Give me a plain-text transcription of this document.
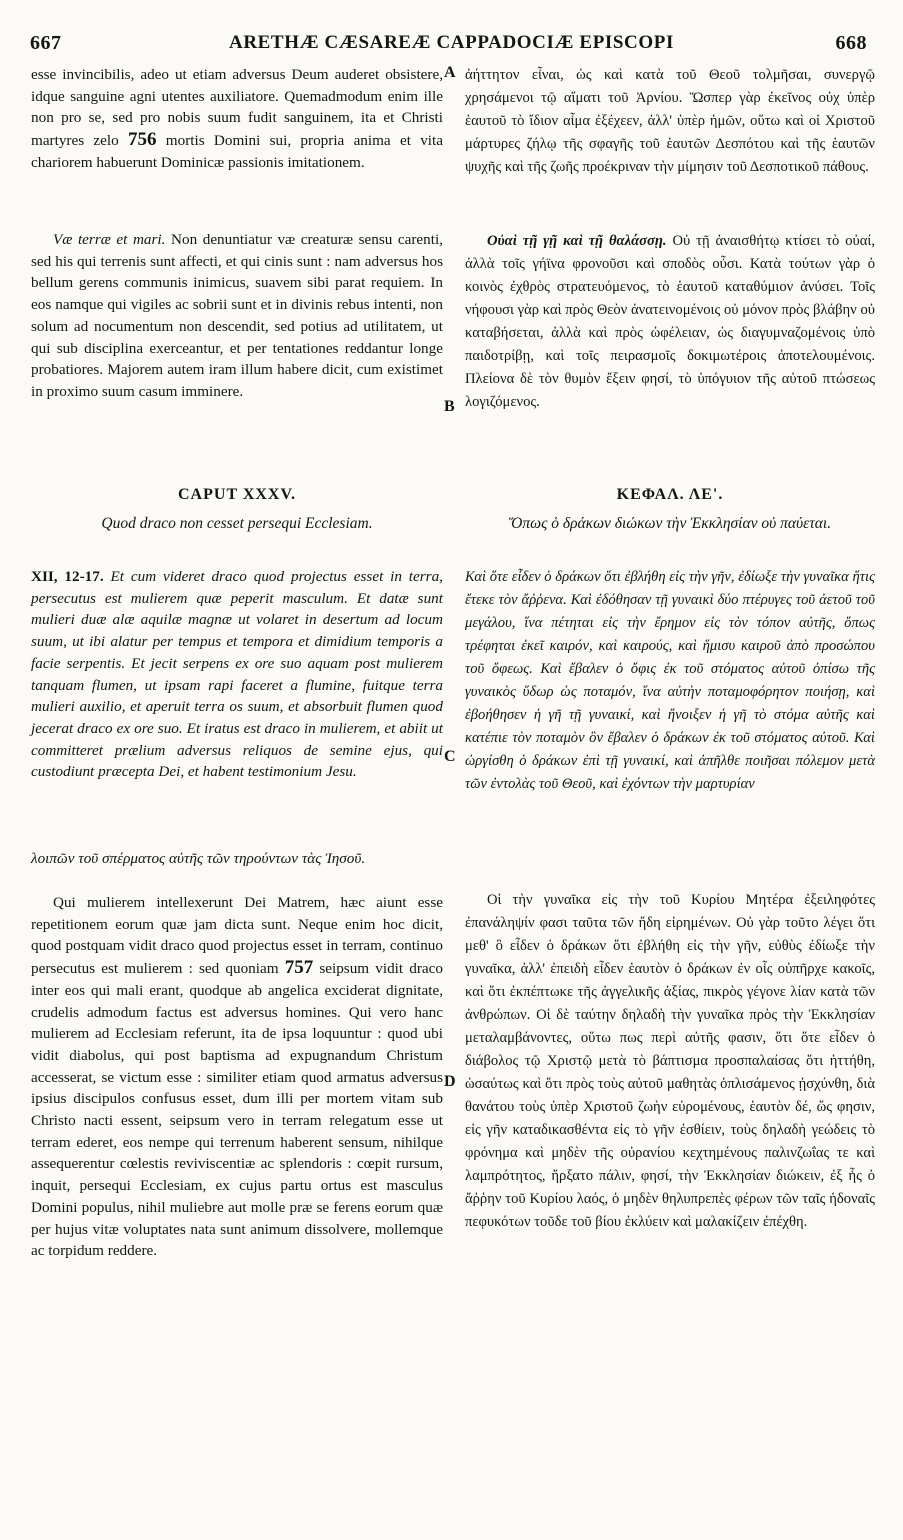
667	ARETHÆ CÆSAREÆ CAPPADOCIÆ EPISCOPI	668
A
B
C
D

esse invincibilis, adeo ut etiam adversus Deum auderet obsistere, idque sanguine agni utentes auxiliatore. Quemadmodum enim ille non pro se, sed pro nobis suum fudit sanguinem, ita et Christi martyres zelo 756 mortis Domini sui, propria anima et vita chariorem habuerunt Dominicæ passionis imitationem.

Væ terræ et mari. Non denuntiatur væ creaturæ sensu carenti, sed his qui terrenis sunt affecti, et qui cinis sunt : nam adversus hos bellum gerens communis inimicus, suavem sibi parat requiem. In eos namque qui vigiles ac sobrii sunt et in divinis rebus intenti, non solum ad nocumentum non descendit, sed potius ad utilitatem, ut qui sub disciplina exerceantur, et per tentationes reddantur longe probatiores. Majorem autem iram illum habere dicit, cum existimet in proximo suum casum imminere.

CAPUT XXXV.

Quod draco non cesset persequi Ecclesiam.

XII, 12-17. Et cum videret draco quod projectus esset in terra, persecutus est mulierem quæ peperit masculum. Et datæ sunt mulieri duæ alæ aquilæ magnæ ut volaret in desertum ad locum suum, ut ibi alatur per tempus et tempora et dimidium temporis a facie serpentis. Et jecit serpens ex ore suo aquam post mulierem tanquam flumen, ut ipsam rapi faceret a flumine, fuitque terra mulieri auxilio, et aperuit terra os suum, et absorbuit flumen quod jecerat draco ex ore suo. Et iratus est draco in mulierem, et abiit ut committeret prælium adversus reliquos de semine ejus, qui custodiunt præcepta Dei, et habent testimonium Jesu.

λοιπῶν τοῦ σπέρματος αὐτῆς τῶν τηρούντων τὰς Ἰησοῦ.

Qui mulierem intellexerunt Dei Matrem, hæc aiunt esse repetitionem eorum quæ jam dicta sunt. Neque enim hoc dicit, quod postquam vidit draco quod projectus esset in terram, continuo persecutus est mulierem : sed quoniam 757 seipsum vidit draco inter eos qui mali erant, quodque ab angelica exciderat dignitate, crudelis admodum factus est adversus homines. Qui vero hanc mulierem ad Ecclesiam referunt, ita de ipsa loquuntur : quod ubi vidit diabolus, qui post baptisma ad expugnandum Christum accesserat, se victum esse : similiter etiam quod armatus adversus ipsius discipulos confusus esset, dum illi per mortem vitam sub Christo nacti essent, seipsum vero in terram relegatum esse ut terram ederet, eos nempe qui terrenum haberent sensum, nihilque assequerentur cœlestis reviviscentiæ ac splendoris : cœpit rursum, inquit, persequi Ecclesiam, ex cujus partu ortus est masculus Domini populus, nihil muliebre aut molle præ se ferens eorum quæ per hujus vitæ voluptates nata sunt animum dissolvere, mollemque ac torpidum reddere.

ἀήττητον εἶναι, ὡς καὶ κατὰ τοῦ Θεοῦ τολμῆσαι, συνεργῷ χρησάμενοι τῷ αἵματι τοῦ Ἀρνίου. Ὥσπερ γὰρ ἐκεῖνος οὐχ ὑπὲρ ἑαυτοῦ τὸ ἴδιον αἷμα ἐξέχεεν, ἀλλ' ὑπὲρ ἡμῶν, οὕτω καὶ οἱ Χριστοῦ μάρτυρες ζήλῳ τῆς σφαγῆς τοῦ ἑαυτῶν Δεσπότου καὶ τῆς ἑαυτῶν ψυχῆς καὶ τῆς ζωῆς προέκριναν τὴν μίμησιν τοῦ Δεσποτικοῦ πάθους.

Οὐαὶ τῇ γῇ καὶ τῇ θαλάσσῃ. Οὐ τῇ ἀναισθήτῳ κτίσει τὸ οὐαί, ἀλλὰ τοῖς γήϊνα φρονοῦσι καὶ σποδὸς οὖσι. Κατὰ τούτων γὰρ ὁ κοινὸς ἐχθρὸς στρατευόμενος, τὸ ἑαυτοῦ καταθύμιον ἀνύσει. Τοῖς νήφουσι γὰρ καὶ πρὸς Θεὸν ἀνατεινομένοις οὐ μόνον πρὸς βλάβην οὐ καταβήσεται, ἀλλὰ καὶ πρὸς ὠφέλειαν, ὡς διαγυμναζομένοις ὑπὸ παιδοτρίβῃ, καὶ τοῖς πειρασμοῖς δοκιμωτέροις ἀποτελουμένοις. Πλείονα δὲ τὸν θυμὸν ἔξειν φησί, τὸ ὑπόγυιον τῆς αὐτοῦ πτώσεως λογιζόμενος.

ΚΕΦΑΛ. ΛΕ'.

Ὅπως ὁ δράκων διώκων τὴν Ἐκκλησίαν οὐ παύεται.

Καὶ ὅτε εἶδεν ὁ δράκων ὅτι ἐβλήθη εἰς τὴν γῆν, ἐδίωξε τὴν γυναῖκα ἥτις ἔτεκε τὸν ἄῤῥενα. Καὶ ἐδόθησαν τῇ γυναικὶ δύο πτέρυγες τοῦ ἀετοῦ τοῦ μεγάλου, ἵνα πέτηται εἰς τὴν ἔρημον εἰς τὸν τόπον αὐτῆς, ὅπως τρέφηται ἐκεῖ καιρόν, καὶ καιρούς, καὶ ἥμισυ καιροῦ ἀπὸ προσώπου τοῦ ὄφεως. Καὶ ἔβαλεν ὁ ὄφις ἐκ τοῦ στόματος αὐτοῦ ὀπίσω τῆς γυναικὸς ὕδωρ ὡς ποταμόν, ἵνα αὐτὴν ποταμοφόρητον ποιήσῃ, καὶ ἐβοήθησεν ἡ γῆ τῇ γυναικί, καὶ ἤνοιξεν ἡ γῆ τὸ στόμα αὐτῆς καὶ κατέπιε τὸν ποταμὸν ὃν ἔβαλεν ὁ δράκων ἐκ τοῦ στόματος αὐτοῦ. Καὶ ὠργίσθη ὁ δράκων ἐπὶ τῇ γυναικί, καὶ ἀπῆλθε ποιῆσαι πόλεμον μετὰ τῶν ἐντολὰς τοῦ Θεοῦ, καὶ ἐχόντων τὴν μαρτυρίαν

Οἱ τὴν γυναῖκα εἰς τὴν τοῦ Κυρίου Μητέρα ἐξειληφότες ἐπανάληψίν φασι ταῦτα τῶν ἤδη εἰρημένων. Οὐ γὰρ τοῦτο λέγει ὅτι μεθ' ὃ εἶδεν ὁ δράκων ὅτι ἐβλήθη εἰς τὴν γῆν, εὐθὺς ἐδίωξε τὴν γυναῖκα, ἀλλ' ἐπειδὴ εἶδεν ἑαυτὸν ὁ δράκων ἐν οἷς οὐπῆρχε κακοῖς, καὶ ὅτι ἐκπέπτωκε τῆς ἀγγελικῆς ἀξίας, πικρὸς γέγονε λίαν κατὰ τῶν ἀνθρώπων. Οἱ δὲ ταύτην δηλαδὴ τὴν γυναῖκα πρὸς τὴν Ἐκκλησίαν μεταλαμβάνοντες, οὕτω πως περὶ αὐτῆς φασιν, ὅτι ὅτε εἶδεν ὁ διάβολος τῷ Χριστῷ μετὰ τὸ βάπτισμα προσπαλαίσας ὅτι ἡττήθη, ὡσαύτως καὶ ὅτι πρὸς τοὺς αὐτοῦ μαθητὰς ὁπλισάμενος ᾐσχύνθη, διὰ θανάτου τοὺς ὑπὲρ Χριστοῦ ζωὴν εὑρομένους, ἑαυτὸν δέ, ὥς φησιν, εἰς γῆν καταδικασθέντα εἰς τὸ γῆν ἐσθίειν, τοὺς δηλαδὴ γεώδεις τὸ φρόνημα καὶ μηδὲν τῆς οὐρανίου κεχτημένους παλινζωΐας τε καὶ λαμπρότητος, ἤρξατο πάλιν, φησί, τὴν Ἐκκλησίαν διώκειν, ἐξ ἧς ὁ ἄῤῥην τοῦ Κυρίου λαός, ὁ μηδὲν θηλυπρεπὲς φέρων τῶν ταῖς ἡδοναῖς πεφυκότων τοῦδε τοῦ βίου ἐκλύειν καὶ μαλακίζειν ἐπέχθη.
